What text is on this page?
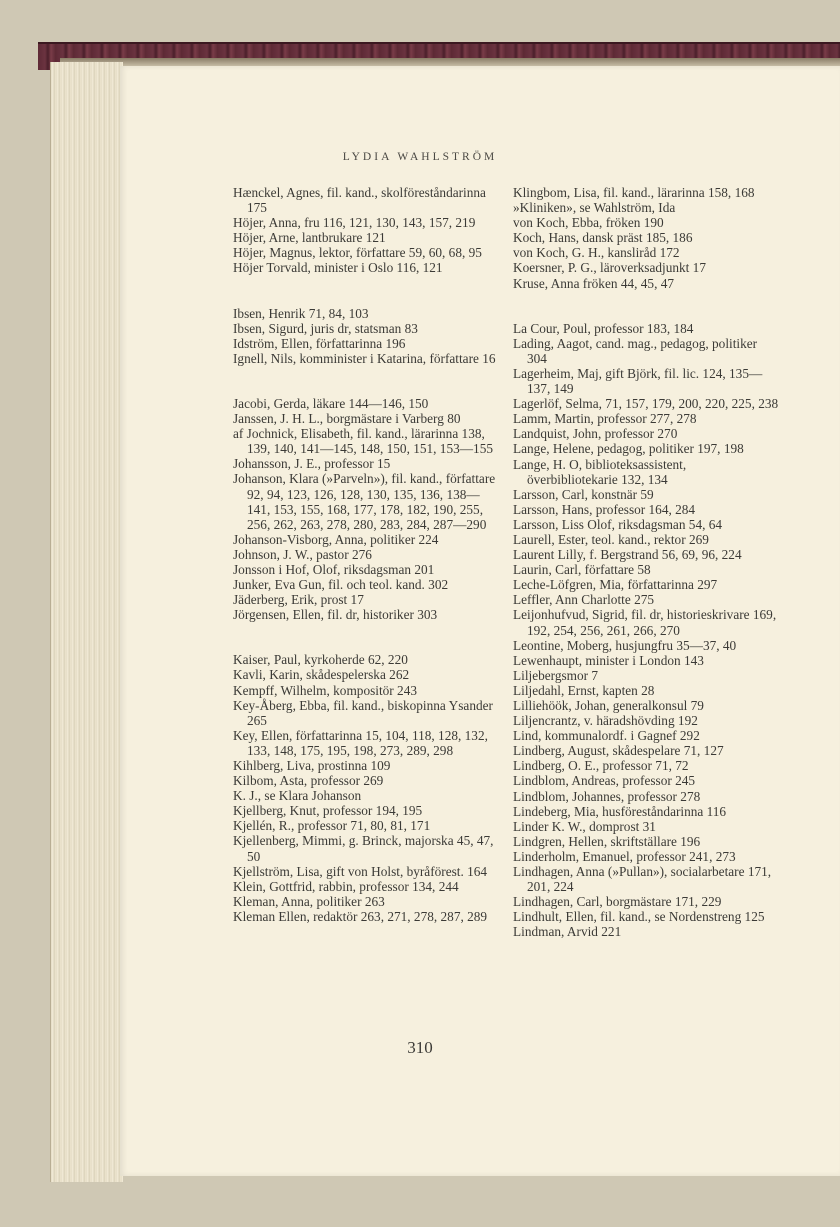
LYDIA WAHLSTRÖM
Hænckel, Agnes, fil. kand., skolföreståndarinna 175
Höjer, Anna, fru 116, 121, 130, 143, 157, 219
Höjer, Arne, lantbrukare 121
Höjer, Magnus, lektor, författare 59, 60, 68, 95
Höjer Torvald, minister i Oslo 116, 121
Ibsen, Henrik 71, 84, 103
Ibsen, Sigurd, juris dr, statsman 83
Idström, Ellen, författarinna 196
Ignell, Nils, komminister i Katarina, författare 16
Jacobi, Gerda, läkare 144—146, 150
Janssen, J. H. L., borgmästare i Varberg 80
af Jochnick, Elisabeth, fil. kand., lärarinna 138, 139, 140, 141—145, 148, 150, 151, 153—155
Johansson, J. E., professor 15
Johanson, Klara (»Parveln»), fil. kand., författare 92, 94, 123, 126, 128, 130, 135, 136, 138—141, 153, 155, 168, 177, 178, 182, 190, 255, 256, 262, 263, 278, 280, 283, 284, 287—290
Johanson-Visborg, Anna, politiker 224
Johnson, J. W., pastor 276
Jonsson i Hof, Olof, riksdagsman 201
Junker, Eva Gun, fil. och teol. kand. 302
Jäderberg, Erik, prost 17
Jörgensen, Ellen, fil. dr, historiker 303
Kaiser, Paul, kyrkoherde 62, 220
Kavli, Karin, skådespelerska 262
Kempff, Wilhelm, kompositör 243
Key-Åberg, Ebba, fil. kand., biskopinna Ysander 265
Key, Ellen, författarinna 15, 104, 118, 128, 132, 133, 148, 175, 195, 198, 273, 289, 298
Kihlberg, Liva, prostinna 109
Kilbom, Asta, professor 269
K. J., se Klara Johanson
Kjellberg, Knut, professor 194, 195
Kjellén, R., professor 71, 80, 81, 171
Kjellenberg, Mimmi, g. Brinck, majorska 45, 47, 50
Kjellström, Lisa, gift von Holst, byråförest. 164
Klein, Gottfrid, rabbin, professor 134, 244
Kleman, Anna, politiker 263
Kleman Ellen, redaktör 263, 271, 278, 287, 289
Klingbom, Lisa, fil. kand., lärarinna 158, 168
»Kliniken», se Wahlström, Ida
von Koch, Ebba, fröken 190
Koch, Hans, dansk präst 185, 186
von Koch, G. H., kansliråd 172
Koersner, P. G., läroverksadjunkt 17
Kruse, Anna fröken 44, 45, 47
La Cour, Poul, professor 183, 184
Lading, Aagot, cand. mag., pedagog, politiker 304
Lagerheim, Maj, gift Björk, fil. lic. 124, 135—137, 149
Lagerlöf, Selma, 71, 157, 179, 200, 220, 225, 238
Lamm, Martin, professor 277, 278
Landquist, John, professor 270
Lange, Helene, pedagog, politiker 197, 198
Lange, H. O, biblioteksassistent, överbibliotekarie 132, 134
Larsson, Carl, konstnär 59
Larsson, Hans, professor 164, 284
Larsson, Liss Olof, riksdagsman 54, 64
Laurell, Ester, teol. kand., rektor 269
Laurent Lilly, f. Bergstrand 56, 69, 96, 224
Laurin, Carl, författare 58
Leche-Löfgren, Mia, författarinna 297
Leffler, Ann Charlotte 275
Leijonhufvud, Sigrid, fil. dr, historieskrivare 169, 192, 254, 256, 261, 266, 270
Leontine, Moberg, husjungfru 35—37, 40
Lewenhaupt, minister i London 143
Liljebergsmor 7
Liljedahl, Ernst, kapten 28
Lilliehöök, Johan, generalkonsul 79
Liljencrantz, v. häradshövding 192
Lind, kommunalordf. i Gagnef 292
Lindberg, August, skådespelare 71, 127
Lindberg, O. E., professor 71, 72
Lindblom, Andreas, professor 245
Lindblom, Johannes, professor 278
Lindeberg, Mia, husföreståndarinna 116
Linder K. W., domprost 31
Lindgren, Hellen, skriftställare 196
Linderholm, Emanuel, professor 241, 273
Lindhagen, Anna (»Pullan»), socialarbetare 171, 201, 224
Lindhagen, Carl, borgmästare 171, 229
Lindhult, Ellen, fil. kand., se Nordenstreng 125
Lindman, Arvid 221
310
